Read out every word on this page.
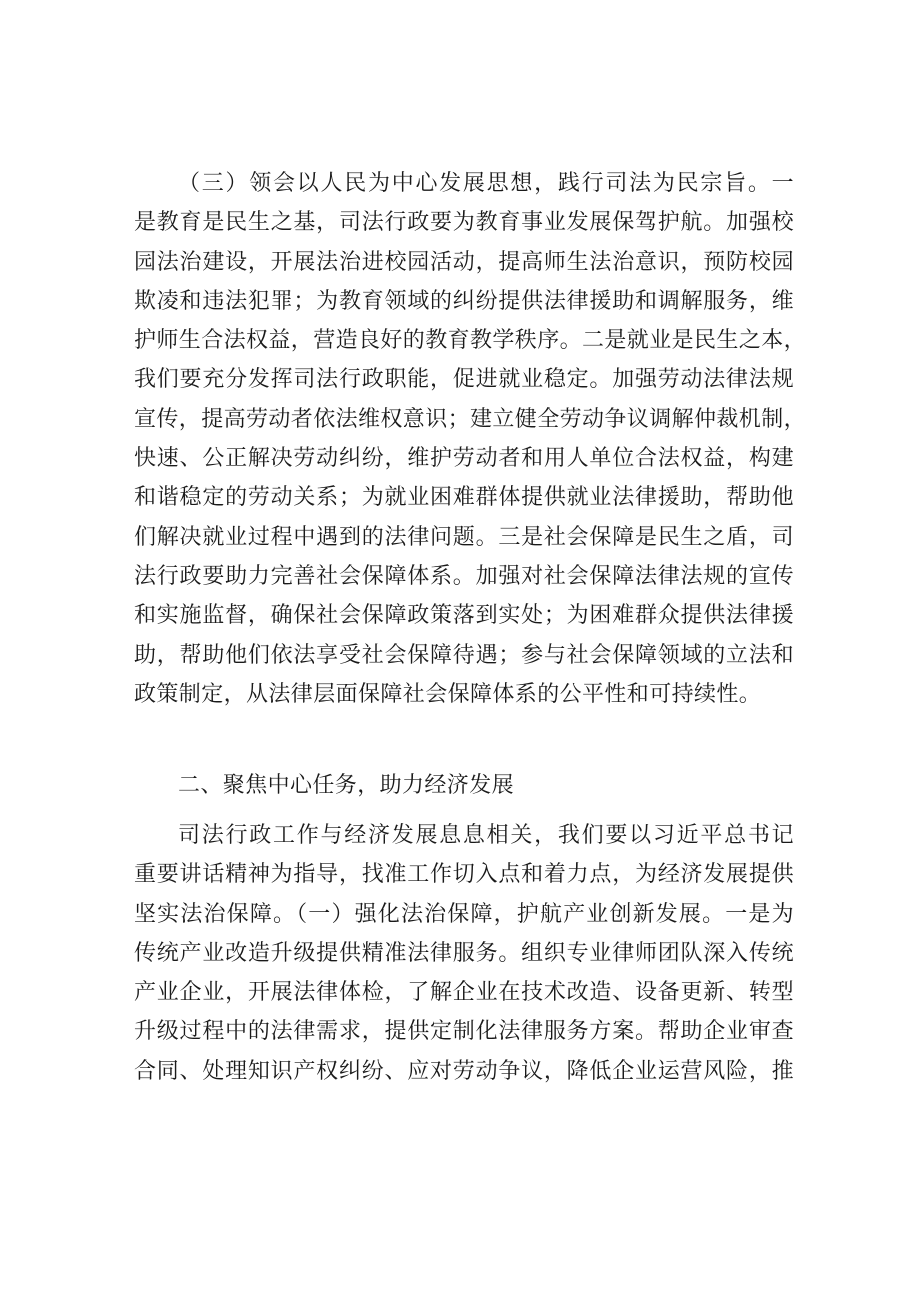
（三）领会以人民为中心发展思想，践行司法为民宗旨。一
是教育是民生之基，司法行政要为教育事业发展保驾护航。加强校
园法治建设，开展法治进校园活动，提高师生法治意识，预防校园
欺凌和违法犯罪；为教育领域的纠纷提供法律援助和调解服务，维
护师生合法权益，营造良好的教育教学秩序。二是就业是民生之本，
我们要充分发挥司法行政职能，促进就业稳定。加强劳动法律法规
宣传，提高劳动者依法维权意识；建立健全劳动争议调解仲裁机制，
快速、公正解决劳动纠纷，维护劳动者和用人单位合法权益，构建
和谐稳定的劳动关系；为就业困难群体提供就业法律援助，帮助他
们解决就业过程中遇到的法律问题。三是社会保障是民生之盾，司
法行政要助力完善社会保障体系。加强对社会保障法律法规的宣传
和实施监督，确保社会保障政策落到实处；为困难群众提供法律援
助，帮助他们依法享受社会保障待遇；参与社会保障领域的立法和
政策制定，从法律层面保障社会保障体系的公平性和可持续性。
二、聚焦中心任务，助力经济发展
司法行政工作与经济发展息息相关，我们要以习近平总书记
重要讲话精神为指导，找准工作切入点和着力点，为经济发展提供
坚实法治保障。（一）强化法治保障，护航产业创新发展。一是为
传统产业改造升级提供精准法律服务。组织专业律师团队深入传统
产业企业，开展法律体检，了解企业在技术改造、设备更新、转型
升级过程中的法律需求，提供定制化法律服务方案。帮助企业审查
合同、处理知识产权纠纷、应对劳动争议，降低企业运营风险，推
